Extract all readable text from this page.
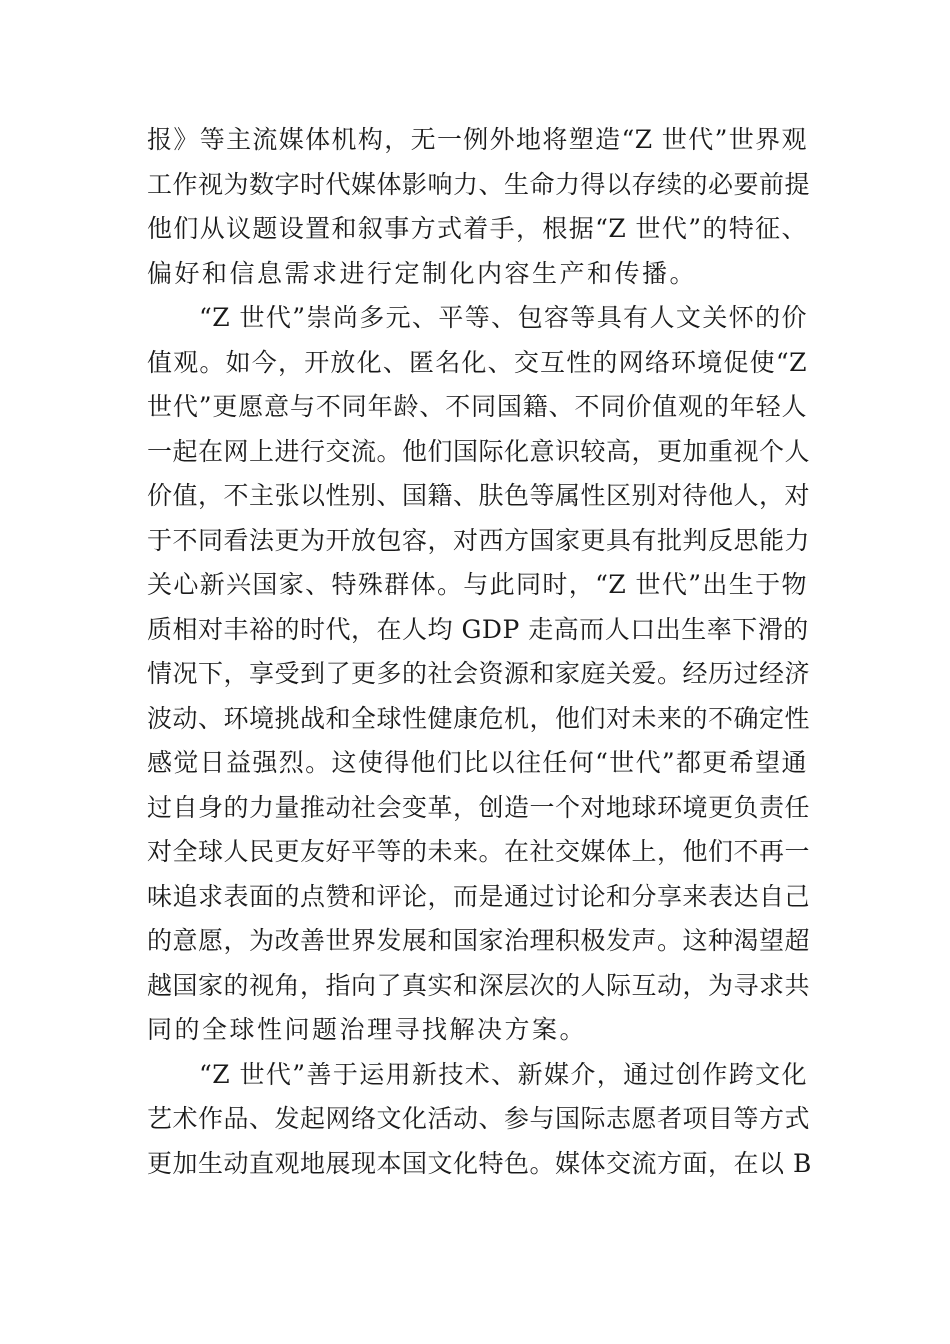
报》等主流媒体机构，无一例外地将塑造“Z 世代”世界观
工作视为数字时代媒体影响力、生命力得以存续的必要前提
他们从议题设置和叙事方式着手，根据“Z 世代”的特征、
偏好和信息需求进行定制化内容生产和传播。
“Z 世代”崇尚多元、平等、包容等具有人文关怀的价
值观。如今，开放化、匿名化、交互性的网络环境促使“Z
世代”更愿意与不同年龄、不同国籍、不同价值观的年轻人
一起在网上进行交流。他们国际化意识较高，更加重视个人
价值，不主张以性别、国籍、肤色等属性区别对待他人，对
于不同看法更为开放包容，对西方国家更具有批判反思能力
关心新兴国家、特殊群体。与此同时，“Z 世代”出生于物
质相对丰裕的时代，在人均 GDP 走高而人口出生率下滑的
情况下，享受到了更多的社会资源和家庭关爱。经历过经济
波动、环境挑战和全球性健康危机，他们对未来的不确定性
感觉日益强烈。这使得他们比以往任何“世代”都更希望通
过自身的力量推动社会变革，创造一个对地球环境更负责任
对全球人民更友好平等的未来。在社交媒体上，他们不再一
味追求表面的点赞和评论，而是通过讨论和分享来表达自己
的意愿，为改善世界发展和国家治理积极发声。这种渴望超
越国家的视角，指向了真实和深层次的人际互动，为寻求共
同的全球性问题治理寻找解决方案。
“Z 世代”善于运用新技术、新媒介，通过创作跨文化
艺术作品、发起网络文化活动、参与国际志愿者项目等方式
更加生动直观地展现本国文化特色。媒体交流方面，在以 B
